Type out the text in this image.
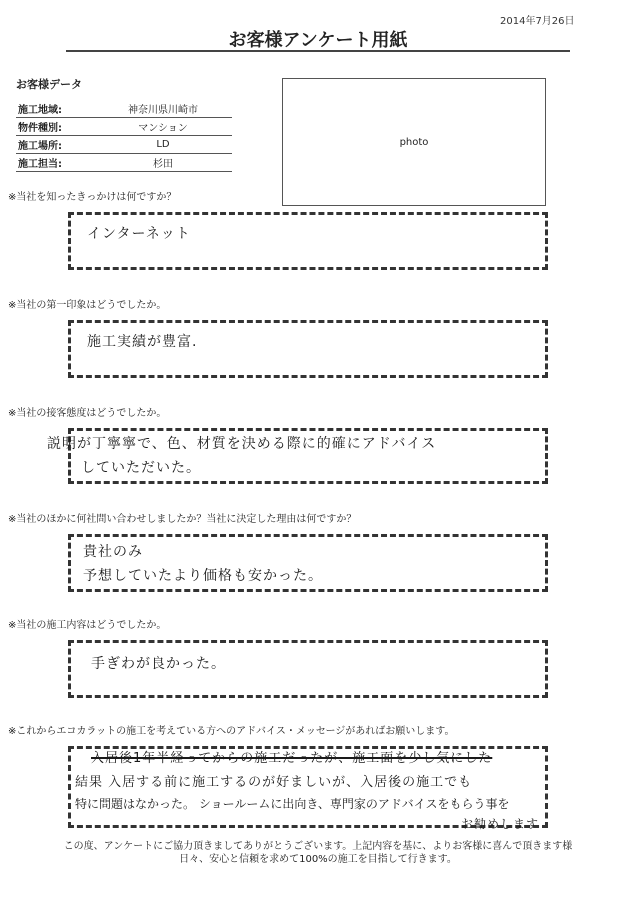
2014年7月26日
お客様アンケート用紙
お客様データ
施工地域:	神奈川県川崎市
物件種別:	マンション
施工場所:	LD
施工担当:	杉田
photo
※当社を知ったきっかけは何ですか？
インターネット
※当社の第一印象はどうでしたか。
施工実績が豊富.
※当社の接客態度はどうでしたか。
説明が丁寧寧で、色、材質を決める際に的確にアドバイス
していただいた。
※当社のほかに何社問い合わせしましたか？当社に決定した理由は何ですか？
貴社のみ
予想していたより価格も安かった。
※当社の施工内容はどうでしたか。
手ぎわが良かった。
※これからエコカラットの施工を考えている方へのアドバイス・メッセージがあればお願いします。
入居後1年半経ってからの施工だったが、施工面を少し気にした
結果 入居する前に施工するのが好ましいが、入居後の施工でも
特に問題はなかった。 ショールームに出向き、専門家のアドバイスをもらう事を
お勧めします
この度、アンケートにご協力頂きましてありがとうございます。上記内容を基に、よりお客様に喜んで頂きます様
日々、安心と信頼を求めて100%の施工を目指して行きます。
